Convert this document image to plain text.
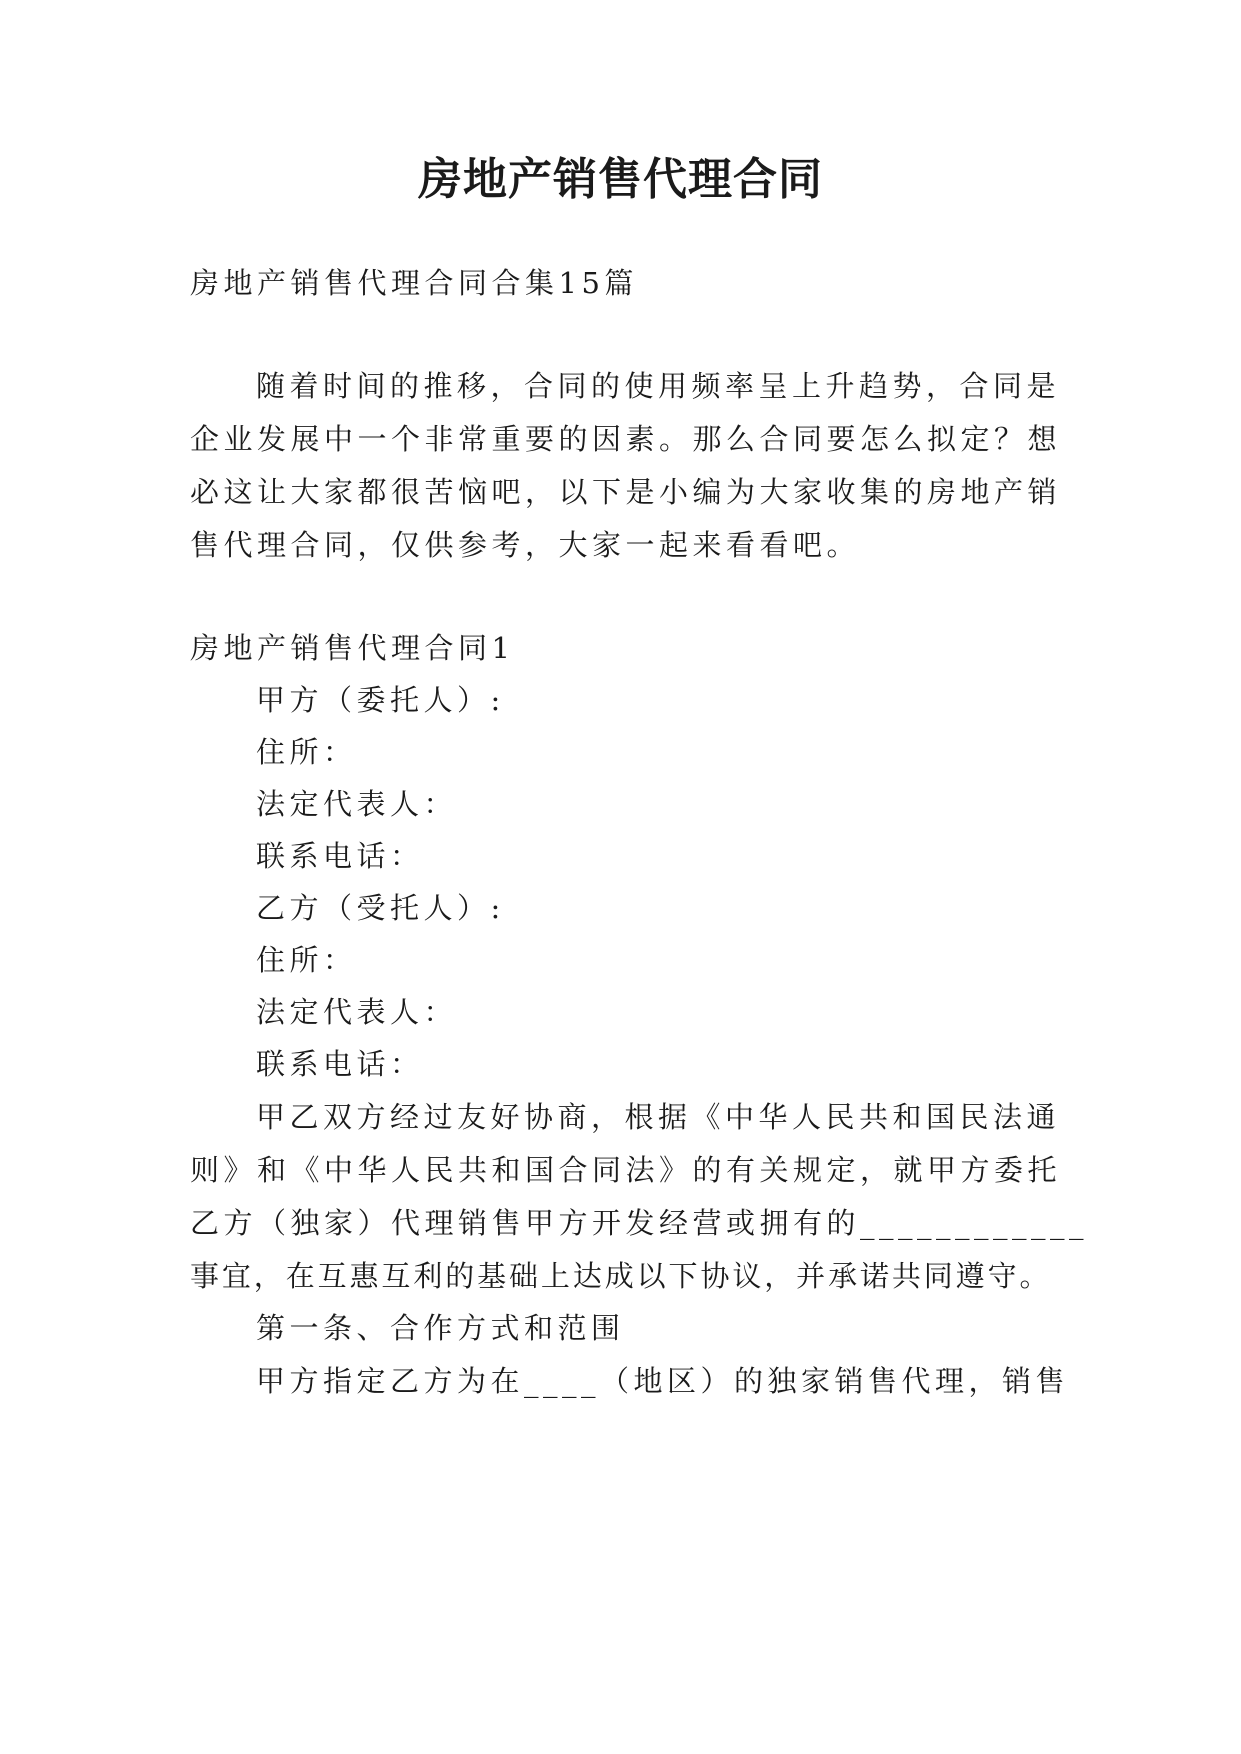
房地产销售代理合同
房地产销售代理合同合集15篇
随着时间的推移，合同的使用频率呈上升趋势，合同是
企业发展中一个非常重要的因素。那么合同要怎么拟定？想
必这让大家都很苦恼吧，以下是小编为大家收集的房地产销
售代理合同，仅供参考，大家一起来看看吧。
房地产销售代理合同1
甲方（委托人）:
住所：
法定代表人：
联系电话：
乙方（受托人）:
住所：
法定代表人：
联系电话：
甲乙双方经过友好协商，根据《中华人民共和国民法通
则》和《中华人民共和国合同法》的有关规定，就甲方委托
乙方（独家）代理销售甲方开发经营或拥有的____________
事宜，在互惠互利的基础上达成以下协议，并承诺共同遵守。
第一条、合作方式和范围
甲方指定乙方为在____（地区）的独家销售代理，销售
